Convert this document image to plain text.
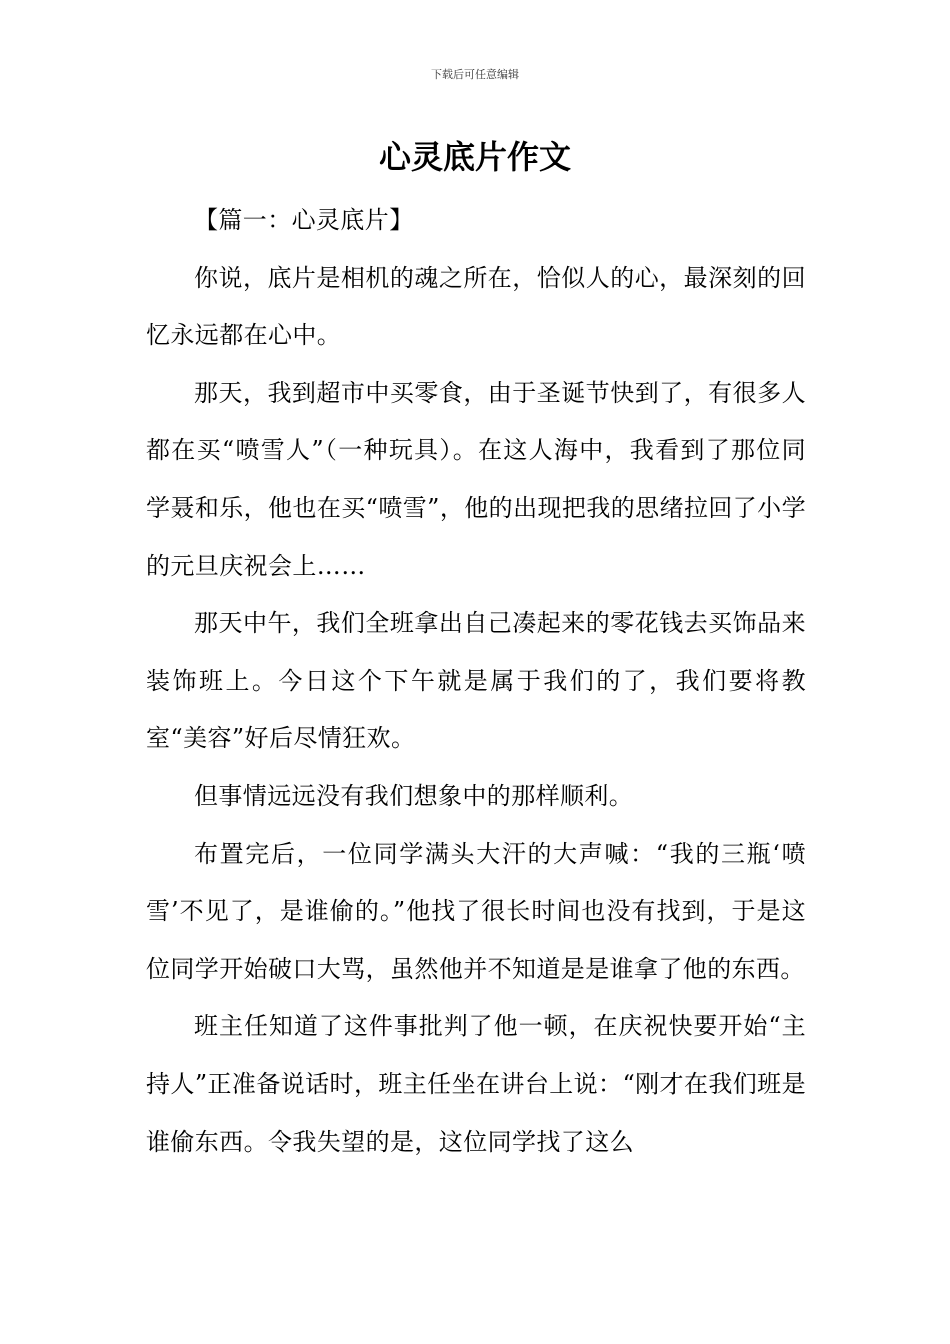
下载后可任意编辑
心灵底片作文

【篇一：心灵底片】

你说，底片是相机的魂之所在，恰似人的心，最深刻的回忆永远都在心中。

那天，我到超市中买零食，由于圣诞节快到了，有很多人都在买“喷雪人”（一种玩具）。在这人海中，我看到了那位同学聂和乐，他也在买“喷雪”，他的出现把我的思绪拉回了小学的元旦庆祝会上……

那天中午，我们全班拿出自己凑起来的零花钱去买饰品来装饰班上。今日这个下午就是属于我们的了，我们要将教室“美容”好后尽情狂欢。

但事情远远没有我们想象中的那样顺利。

布置完后，一位同学满头大汗的大声喊：“我的三瓶‘喷雪’不见了，是谁偷的。”他找了很长时间也没有找到，于是这位同学开始破口大骂，虽然他并不知道是是谁拿了他的东西。

班主任知道了这件事批判了他一顿，在庆祝快要开始“主持人”正准备说话时，班主任坐在讲台上说：“刚才在我们班是谁偷东西。令我失望的是，这位同学找了这么
